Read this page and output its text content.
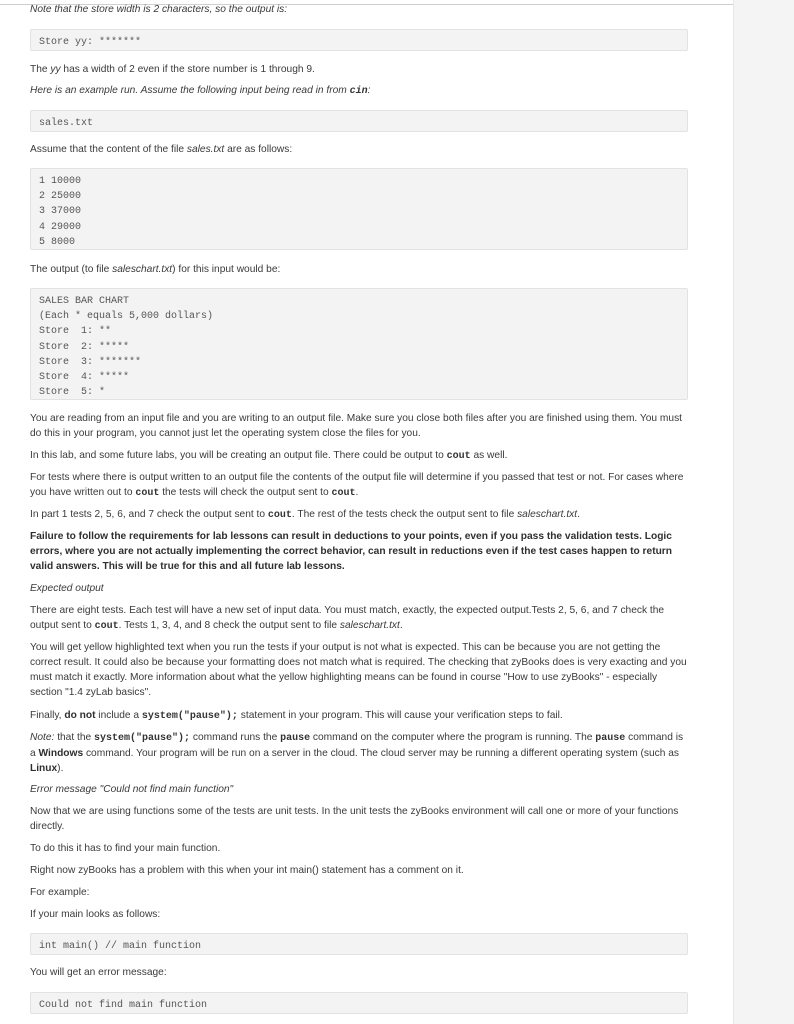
Note that the store width is 2 characters, so the output is:

Store yy: *******

The yy has a width of 2 even if the store number is 1 through 9.

Here is an example run. Assume the following input being read in from cin:

sales.txt

Assume that the content of the file sales.txt are as follows:

1 10000
2 25000
3 37000
4 29000
5 8000

The output (to file saleschart.txt) for this input would be:

SALES BAR CHART
(Each * equals 5,000 dollars)
Store  1: **
Store  2: *****
Store  3: *******
Store  4: *****
Store  5: *

You are reading from an input file and you are writing to an output file. Make sure you close both files after you are finished using them. You must do this in your program, you cannot just let the operating system close the files for you.

In this lab, and some future labs, you will be creating an output file. There could be output to cout as well.

For tests where there is output written to an output file the contents of the output file will determine if you passed that test or not. For cases where you have written out to cout the tests will check the output sent to cout.

In part 1 tests 2, 5, 6, and 7 check the output sent to cout. The rest of the tests check the output sent to file saleschart.txt.

Failure to follow the requirements for lab lessons can result in deductions to your points, even if you pass the validation tests. Logic errors, where you are not actually implementing the correct behavior, can result in reductions even if the test cases happen to return valid answers. This will be true for this and all future lab lessons.

Expected output

There are eight tests. Each test will have a new set of input data. You must match, exactly, the expected output.Tests 2, 5, 6, and 7 check the output sent to cout. Tests 1, 3, 4, and 8 check the output sent to file saleschart.txt.

You will get yellow highlighted text when you run the tests if your output is not what is expected. This can be because you are not getting the correct result. It could also be because your formatting does not match what is required. The checking that zyBooks does is very exacting and you must match it exactly. More information about what the yellow highlighting means can be found in course "How to use zyBooks" - especially section "1.4 zyLab basics".

Finally, do not include a system("pause"); statement in your program. This will cause your verification steps to fail.

Note: that the system("pause"); command runs the pause command on the computer where the program is running. The pause command is a Windows command. Your program will be run on a server in the cloud. The cloud server may be running a different operating system (such as Linux).

Error message "Could not find main function"

Now that we are using functions some of the tests are unit tests. In the unit tests the zyBooks environment will call one or more of your functions directly.

To do this it has to find your main function.

Right now zyBooks has a problem with this when your int main() statement has a comment on it.

For example:

If your main looks as follows:

int main() // main function

You will get an error message:

Could not find main function
